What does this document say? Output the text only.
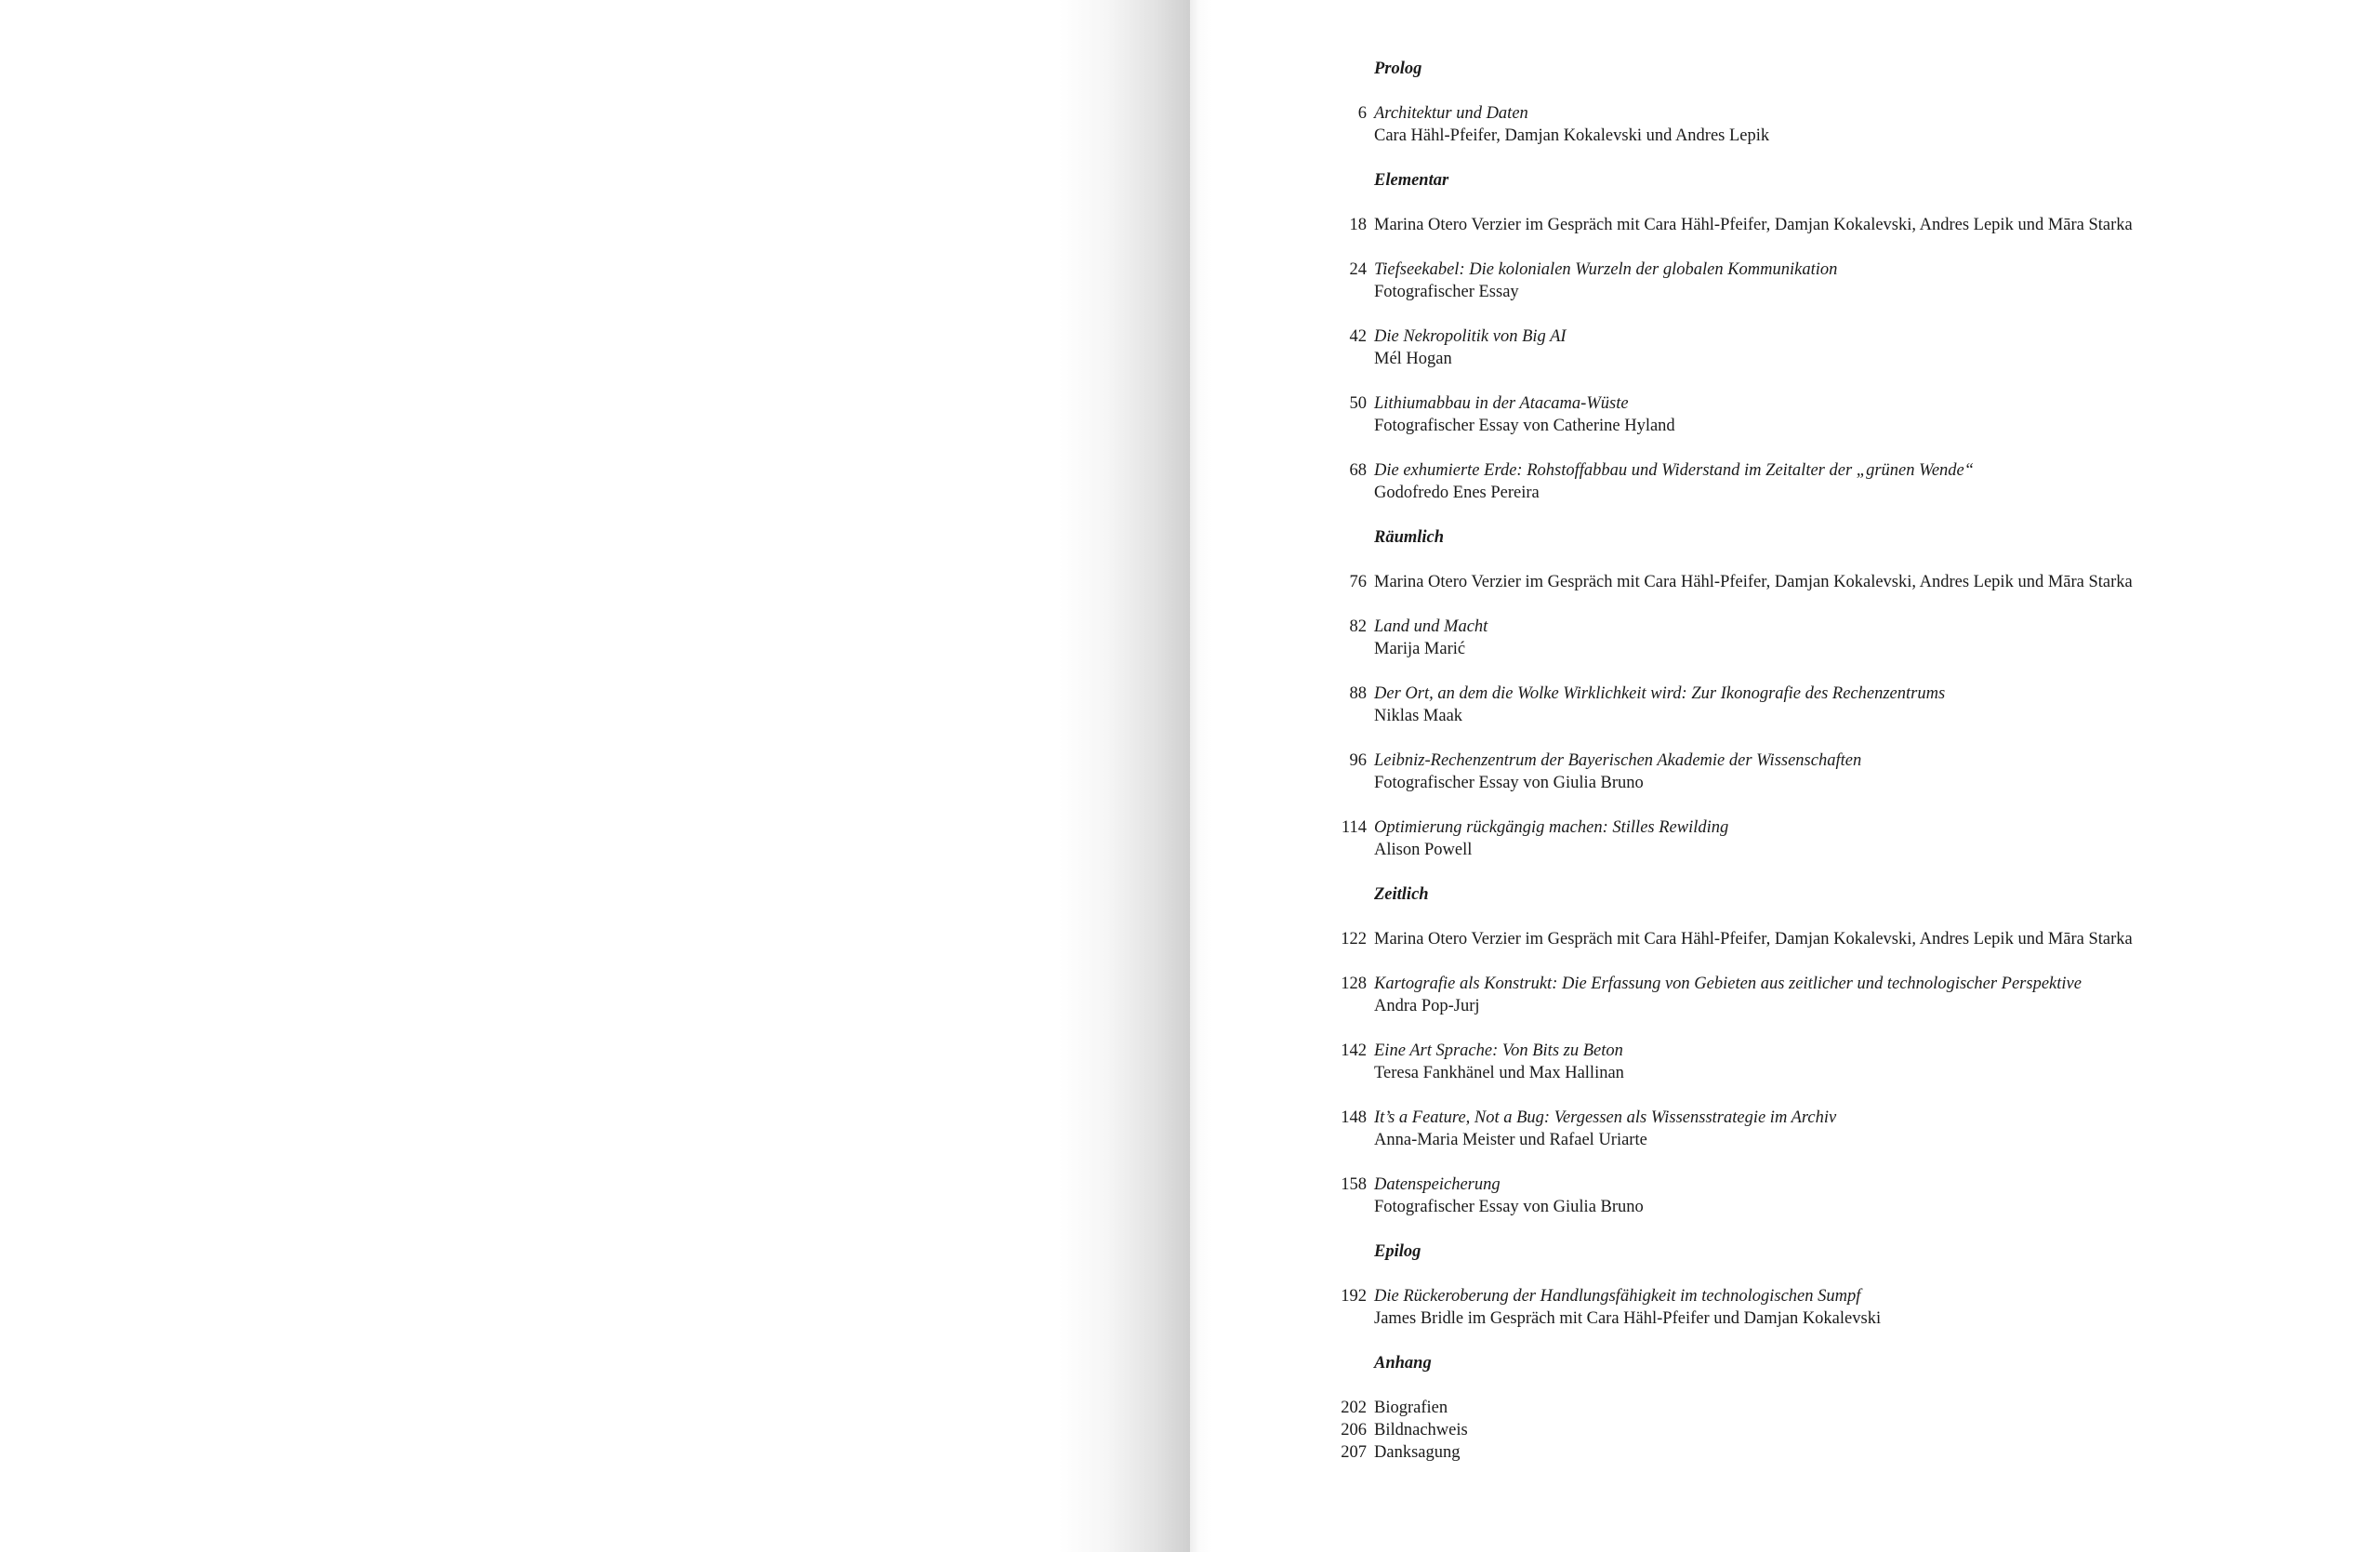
Prolog
6 Architektur und Daten
Cara Hähl-Pfeifer, Damjan Kokalevski und Andres Lepik
Elementar
18 Marina Otero Verzier im Gespräch mit Cara Hähl-Pfeifer, Damjan Kokalevski, Andres Lepik und Māra Starka
24 Tiefseekabel: Die kolonialen Wurzeln der globalen Kommunikation
Fotografischer Essay
42 Die Nekropolitik von Big AI
Mél Hogan
50 Lithiumabbau in der Atacama-Wüste
Fotografischer Essay von Catherine Hyland
68 Die exhumierte Erde: Rohstoffabbau und Widerstand im Zeitalter der „grünen Wende“
Godofredo Enes Pereira
Räumlich
76 Marina Otero Verzier im Gespräch mit Cara Hähl-Pfeifer, Damjan Kokalevski, Andres Lepik und Māra Starka
82 Land und Macht
Marija Marić
88 Der Ort, an dem die Wolke Wirklichkeit wird: Zur Ikonografie des Rechenzentrums
Niklas Maak
96 Leibniz-Rechenzentrum der Bayerischen Akademie der Wissenschaften
Fotografischer Essay von Giulia Bruno
114 Optimierung rückgängig machen: Stilles Rewilding
Alison Powell
Zeitlich
122 Marina Otero Verzier im Gespräch mit Cara Hähl-Pfeifer, Damjan Kokalevski, Andres Lepik und Māra Starka
128 Kartografie als Konstrukt: Die Erfassung von Gebieten aus zeitlicher und technologischer Perspektive
Andra Pop-Jurj
142 Eine Art Sprache: Von Bits zu Beton
Teresa Fankhänel und Max Hallinan
148 It’s a Feature, Not a Bug: Vergessen als Wissensstrategie im Archiv
Anna-Maria Meister und Rafael Uriarte
158 Datenspeicherung
Fotografischer Essay von Giulia Bruno
Epilog
192 Die Rückeroberung der Handlungsfähigkeit im technologischen Sumpf
James Bridle im Gespräch mit Cara Hähl-Pfeifer und Damjan Kokalevski
Anhang
202 Biografien
206 Bildnachweis
207 Danksagung
